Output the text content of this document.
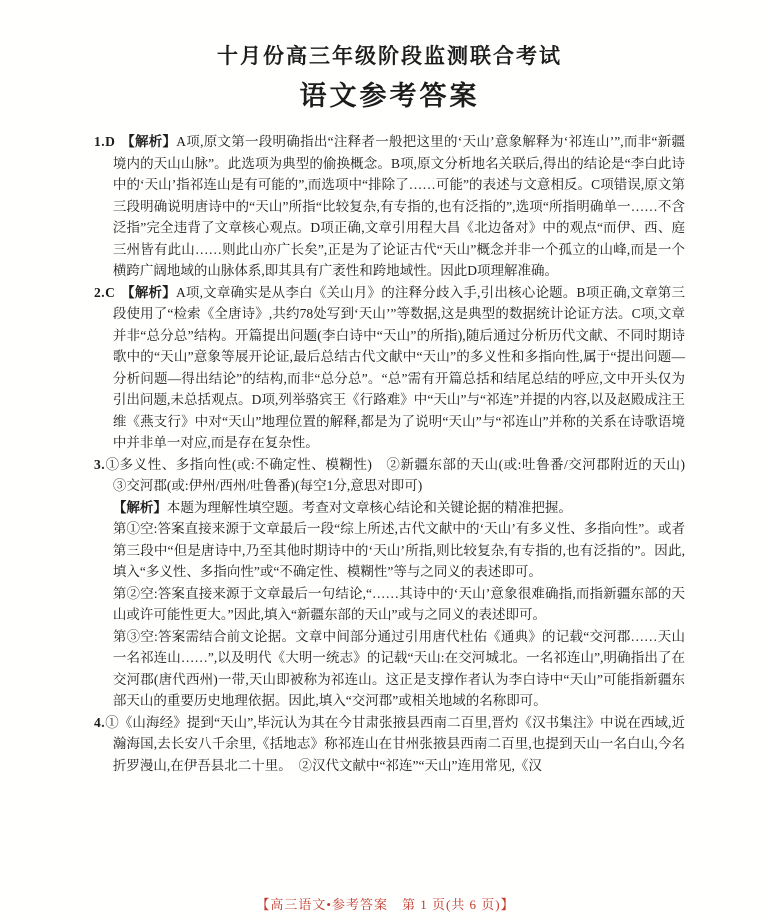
十月份高三年级阶段监测联合考试
语文参考答案

1.D 【解析】A项,原文第一段明确指出“注释者一般把这里的‘天山’意象解释为‘祁连山’”,而非“新疆境内的天山山脉”。此选项为典型的偷换概念。B项,原文分析地名关联后,得出的结论是“李白此诗中的‘天山’指祁连山是有可能的”,而选项中“排除了……可能”的表述与文意相反。C项错误,原文第三段明确说明唐诗中的“天山”所指“比较复杂,有专指的,也有泛指的”,选项“所指明确单一……不含泛指”完全违背了文章核心观点。D项正确,文章引用程大昌《北边备对》中的观点“而伊、西、庭三州皆有此山……则此山亦广长矣”,正是为了论证古代“天山”概念并非一个孤立的山峰,而是一个横跨广阔地域的山脉体系,即其具有广袤性和跨地域性。因此D项理解准确。

2.C 【解析】A项,文章确实是从李白《关山月》的注释分歧入手,引出核心论题。B项正确,文章第三段使用了“检索《全唐诗》,共约78处写到‘天山’”等数据,这是典型的数据统计论证方法。C项,文章并非“总分总”结构。开篇提出问题(李白诗中“天山”的所指),随后通过分析历代文献、不同时期诗歌中的“天山”意象等展开论证,最后总结古代文献中“天山”的多义性和多指向性,属于“提出问题—分析问题—得出结论”的结构,而非“总分总”。“总”需有开篇总括和结尾总结的呼应,文中开头仅为引出问题,未总括观点。D项,列举骆宾王《行路难》中“天山”与“祁连”并提的内容,以及赵殿成注王维《燕支行》中对“天山”地理位置的解释,都是为了说明“天山”与“祁连山”并称的关系在诗歌语境中并非单一对应,而是存在复杂性。

3.①多义性、多指向性(或:不确定性、模糊性)　②新疆东部的天山(或:吐鲁番/交河郡附近的天山)　③交河郡(或:伊州/西州/吐鲁番)(每空1分,意思对即可)

【解析】本题为理解性填空题。考查对文章核心结论和关键论据的精准把握。

第①空:答案直接来源于文章最后一段“综上所述,古代文献中的‘天山’有多义性、多指向性”。或者第三段中“但是唐诗中,乃至其他时期诗中的‘天山’所指,则比较复杂,有专指的,也有泛指的”。因此,填入“多义性、多指向性”或“不确定性、模糊性”等与之同义的表述即可。

第②空:答案直接来源于文章最后一句结论,“……其诗中的‘天山’意象很难确指,而指新疆东部的天山或许可能性更大。”因此,填入“新疆东部的天山”或与之同义的表述即可。

第③空:答案需结合前文论据。文章中间部分通过引用唐代杜佑《通典》的记载“交河郡……天山一名祁连山……”,以及明代《大明一统志》的记载“天山:在交河城北。一名祁连山”,明确指出了在交河郡(唐代西州)一带,天山即被称为祁连山。这正是支撑作者认为李白诗中“天山”可能指新疆东部天山的重要历史地理依据。因此,填入“交河郡”或相关地域的名称即可。

4.①《山海经》提到“天山”,毕沅认为其在今甘肃张掖县西南二百里,晋灼《汉书集注》中说在西域,近瀚海国,去长安八千余里,《括地志》称祁连山在甘州张掖县西南二百里,也提到天山一名白山,今名折罗漫山,在伊吾县北二十里。　②汉代文献中“祁连”“天山”连用常见,《汉

【高三语文•参考答案　第 1 页(共 6 页)】
